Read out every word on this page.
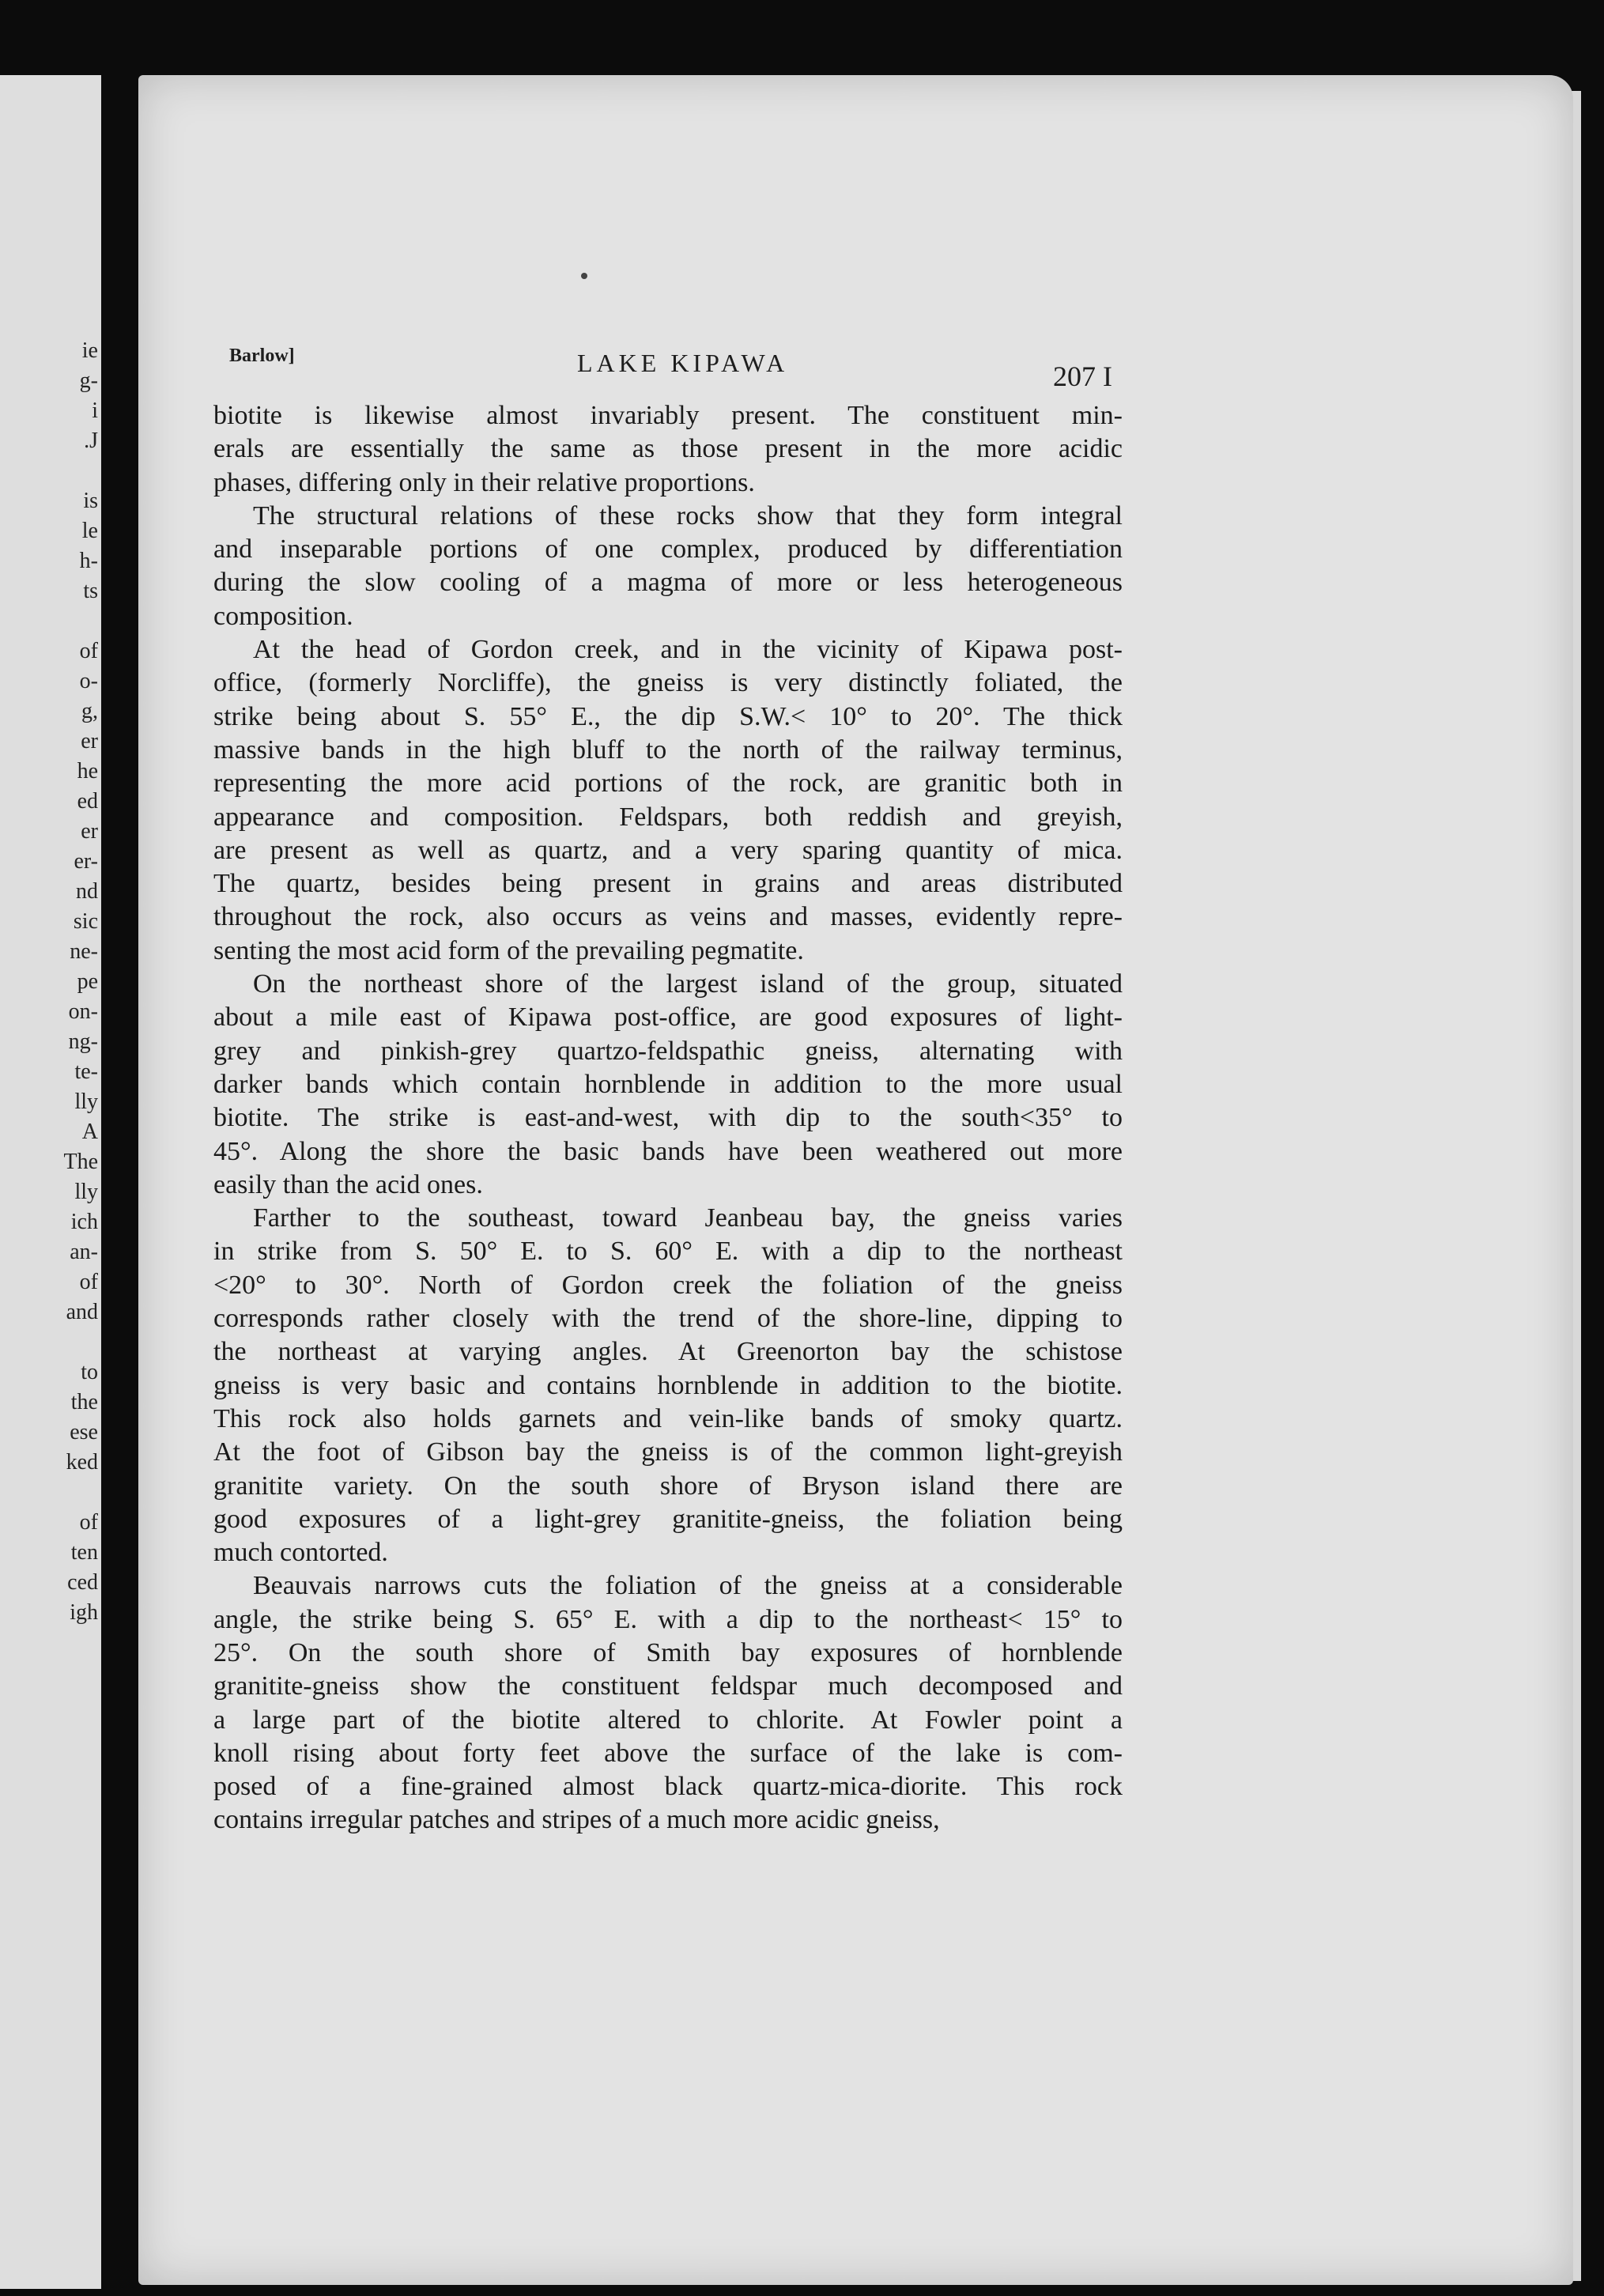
ie
g-
i
.J
is
le
h-
ts
of
o-
g,
er
he
ed
er
er-
nd
sic
ne-
pe
on-
ng-
te-
lly
A
The
lly
ich
an-
of
and
to
the
ese
ked
of
ten
ced
igh
Barlow]	LAKE KIPAWA	207 I

biotite is likewise almost invariably present. The constituent min-
erals are essentially the same as those present in the more acidic
phases, differing only in their relative proportions.

The structural relations of these rocks show that they form integral
and inseparable portions of one complex, produced by differentiation
during the slow cooling of a magma of more or less heterogeneous
composition.

At the head of Gordon creek, and in the vicinity of Kipawa post-
office, (formerly Norcliffe), the gneiss is very distinctly foliated, the
strike being about S. 55° E., the dip S.W.< 10° to 20°. The thick
massive bands in the high bluff to the north of the railway terminus,
representing the more acid portions of the rock, are granitic both in
appearance and composition. Feldspars, both reddish and greyish,
are present as well as quartz, and a very sparing quantity of mica.
The quartz, besides being present in grains and areas distributed
throughout the rock, also occurs as veins and masses, evidently repre-
senting the most acid form of the prevailing pegmatite.

On the northeast shore of the largest island of the group, situated
about a mile east of Kipawa post-office, are good exposures of light-
grey and pinkish-grey quartzo-feldspathic gneiss, alternating with
darker bands which contain hornblende in addition to the more usual
biotite. The strike is east-and-west, with dip to the south<35° to
45°. Along the shore the basic bands have been weathered out more
easily than the acid ones.

Farther to the southeast, toward Jeanbeau bay, the gneiss varies
in strike from S. 50° E. to S. 60° E. with a dip to the northeast
<20° to 30°. North of Gordon creek the foliation of the gneiss
corresponds rather closely with the trend of the shore-line, dipping to
the northeast at varying angles. At Greenorton bay the schistose
gneiss is very basic and contains hornblende in addition to the biotite.
This rock also holds garnets and vein-like bands of smoky quartz.
At the foot of Gibson bay the gneiss is of the common light-greyish
granitite variety. On the south shore of Bryson island there are
good exposures of a light-grey granitite-gneiss, the foliation being
much contorted.

Beauvais narrows cuts the foliation of the gneiss at a considerable
angle, the strike being S. 65° E. with a dip to the northeast< 15° to
25°. On the south shore of Smith bay exposures of hornblende
granitite-gneiss show the constituent feldspar much decomposed and
a large part of the biotite altered to chlorite. At Fowler point a
knoll rising about forty feet above the surface of the lake is com-
posed of a fine-grained almost black quartz-mica-diorite. This rock
contains irregular patches and stripes of a much more acidic gneiss,
